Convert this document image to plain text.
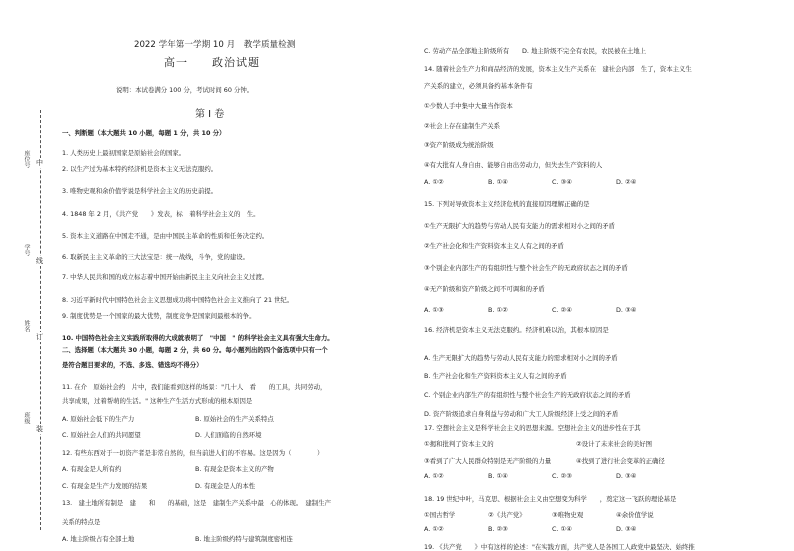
座位号
学号
姓名
班级
中
线
订
装
2022 学年第一学期 10 月　教学质量检测
高一　　政治试题
说明：本试卷满分 100 分，考试时间 60 分钟。
第 Ⅰ 卷
一、判断题（本大题共 10 小题，每题 1 分，共 10 分）
1. 人类历史上最初国家是原始社会的国家。
2. 以生产过为基本特约经济机是资本主义无法克服约。
3. 唯物史观和余价值学说是科学社会主义的历史前提。
4. 1848 年 2 月，《共产党　　》发表，标　着科学社会主义的　生。
5. 资本主义道路在中国走不通，是由中国民主革命的性质和任务决定约。
6. 取新民主主义革命的三大法宝是：统一战线，斗争，党的建设。
7. 中华人民共和国的成立标志着中国开始由新民主主义向社会主义过渡。
8. 习近平新时代中国特色社会主义思想成功将中国特色社会主义推向了 21 世纪。
9. 制度优势是一个国家的最大优势，制度竞争是国家间最根本的争。
10. 中国特色社会主义实践所取得的大成就表明了　"中国　" 的科学社会主义具有强大生命力。
二、选择题（本大题共 30 小题，每题 2 分，共 60 分。每小题列出的四个备选项中只有一个
是符合题目要求的，不选、多选、错选均不得分）
11. 在介　原始社会约　片中，我们能看到这样的场景："几十人　看　　的工具，共同劳动，
共享成果，过着帮萌的生活。" 这种生产生活方式形成的根本原因是
A. 原始社会低下的生产力	B. 原始社会的生产关系特点
C. 原始社会人们的共同愿望	D. 人们面临的自然环境
12. 有些东西对于一切资产者是非常自然的，但当前进人们的不容易。这是因为（　　　　）
A. 有现金是人所有约	B. 有现金是资本主义的产物
C. 有现金是生产力发展的结果	D. 有现金是人的本性
13.　建土地所有制是　建　　和　　的基础，这是　建制生产关系中最　心的体现。　建制生产
关系的特点是
A. 地主阶级占有全部土地	B. 地主阶级约特与建筑制度密相连
C. 劳动产品全部地主阶级所有　　D. 地主阶级不完全有农民，农民被在土地上
14. 随着社会生产力和商品经济的发展，资本主义生产关系在　建社会内部　生了，资本主义生
产关系的建立，必须具备约基本条件有
①少数人手中集中大量当作资本
②社会上存在建制生产关系
③资产阶级成为统治阶级
④有大批有人身自由、能够自由出劳动力，但失去生产资料的人
A. ①②	B. ①④	C. ③④	D. ②④
15. 下列对导致资本主义经济危机的直接原因理解正确的是
①生产无限扩大的趋势与劳动人民有支能力的需求相对小之间的矛盾
②生产社会化和生产资料资本主义人有之间的矛盾
③个别企业内部生产的有组织性与整个社会生产的无政府状态之间的矛盾
④无产阶级和资产阶级之间不可调和的矛盾
A. ①③	B. ①②	C. ②④	D. ③④
16. 经济机是资本主义无法克服约。经济机难以治，其根本原因是
A. 生产无限扩大的趋势与劳动人民有支能力的需求相对小之间的矛盾
B. 生产社会化和生产资料资本主义人有之间的矛盾
C. 个别企业内部生产的有组织性与整个社会生产的无政府状态之间的矛盾
D. 资产阶级追求自身利益与劳动和广大工人阶级经济上受之间的矛盾
17. 空想社会主义是科学社会主义的思想来源。空想社会主义的进步性在于其
①揭和批判了资本主义的	②设计了未来社会的美好图
③看到了广大人民群众特别是无产阶级的力量	④找到了进行社会变革的正确径
A. ①②	B. ①④	C. ②③	D. ③④
18. 19 世纪中叶，马克思、根据社会主义由空想变为科学　　，奠定这一飞跃的理论基是
①国古哲学	②《共产党》	③唯物史观	④余价值学说
A. ①②	B. ②③	C. ①④	D. ③④
19. 《共产党　　》中有这样的论述："在实践方面，共产党人是各国工人政党中最坚决、始终推
